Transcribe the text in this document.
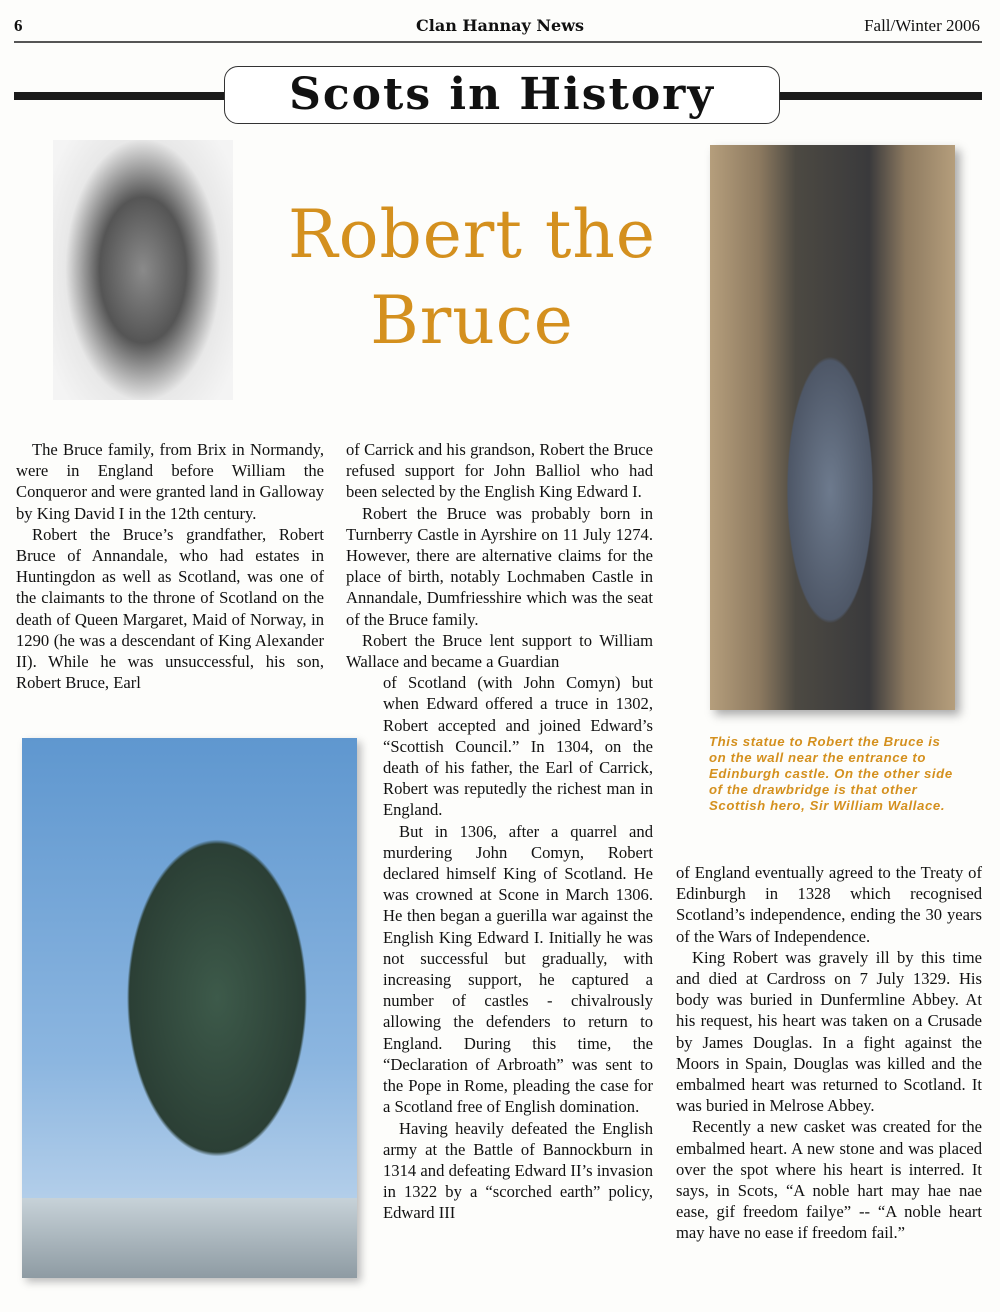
6	Clan Hannay News	Fall/Winter 2006
Scots in History
Robert the Bruce

The Bruce family, from Brix in Normandy, were in England before William the Conqueror and were granted land in Galloway by King David I in the 12th century.

Robert the Bruce’s grandfather, Robert Bruce of Annandale, who had estates in Huntingdon as well as Scotland, was one of the claimants to the throne of Scotland on the death of Queen Margaret, Maid of Norway, in 1290 (he was a descendant of King Alexander II). While he was unsuccessful, his son, Robert Bruce, Earl

of Carrick and his grandson, Robert the Bruce refused support for John Balliol who had been selected by the English King Edward I.

Robert the Bruce was probably born in Turnberry Castle in Ayrshire on 11 July 1274. However, there are alternative claims for the place of birth, notably Lochmaben Castle in Annandale, Dumfriesshire which was the seat of the Bruce family.

Robert the Bruce lent support to William Wallace and became a Guardian

of Scotland (with John Comyn) but when Edward offered a truce in 1302, Robert accepted and joined Edward’s “Scottish Council.” In 1304, on the death of his father, the Earl of Carrick, Robert was reputedly the richest man in England.

But in 1306, after a quarrel and murdering John Comyn, Robert declared himself King of Scotland. He was crowned at Scone in March 1306. He then began a guerilla war against the English King Edward I. Initially he was not successful but gradually, with increasing support, he captured a number of castles - chivalrously allowing the defenders to return to England. During this time, the “Declaration of Arbroath” was sent to the Pope in Rome, pleading the case for a Scotland free of English domination.

Having heavily defeated the English army at the Battle of Bannockburn in 1314 and defeating Edward II’s invasion in 1322 by a “scorched earth” policy, Edward III

of England eventually agreed to the Treaty of Edinburgh in 1328 which recognised Scotland’s independence, ending the 30 years of the Wars of Independence.

King Robert was gravely ill by this time and died at Cardross on 7 July 1329. His body was buried in Dunfermline Abbey. At his request, his heart was taken on a Crusade by James Douglas. In a fight against the Moors in Spain, Douglas was killed and the embalmed heart was returned to Scotland. It was buried in Melrose Abbey.

Recently a new casket was created for the embalmed heart. A new stone and was placed over the spot where his heart is interred. It says, in Scots, “A noble hart may hae nae ease, gif freedom failye” -- “A noble heart may have no ease if freedom fail.”

This statue to Robert the Bruce is on the wall near the entrance to Edinburgh castle. On the other side of the drawbridge is that other Scottish hero, Sir William Wallace.
